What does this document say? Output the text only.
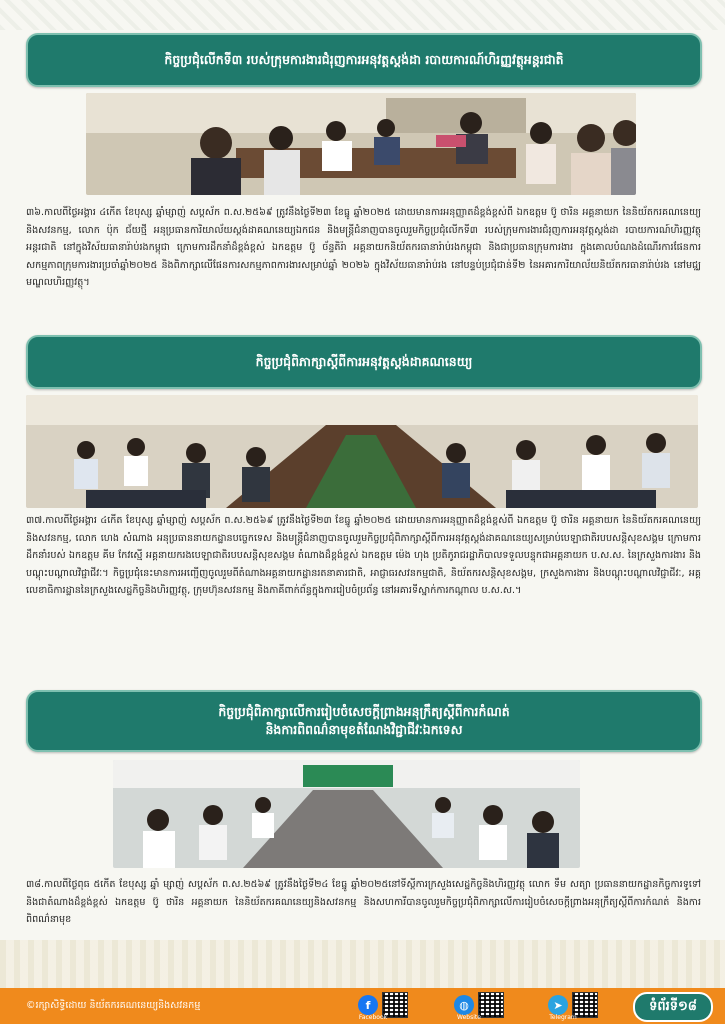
កិច្ចប្រជុំលើកទី៣ របស់ក្រុមការងារជំរុញការអនុវត្តស្តង់ដា របាយការណ៍ហិរញ្ញវត្ថុអន្តរជាតិ
៣៦.កាលពីថ្ងៃអង្គារ ៤កើត ខែបុស្ស ឆ្នាំម្សាញ់ សប្តស័ក ព.ស.២៥៦៩ ត្រូវនឹងថ្ងៃទី២៣ ខែធ្នូ ឆ្នាំ២០២៥ ដោយមានការអនុញ្ញាតដ៏ខ្ពង់ខ្ពស់ពី ឯកឧត្តម ប៊ូ ថារិន អគ្គនាយក នៃនិយ័តករគណនេយ្យនិងសវនកម្ម, លោក ប៉ុក ជ័យថ្មី អនុប្រធានការិយាល័យស្តង់ដាគណនេយ្យឯកជន និងមន្ត្រីជំនាញបានចូលរួមកិច្ចប្រជុំលើកទី៣ របស់ក្រុមការងារជំរុញការអនុវត្តស្តង់ដា របាយការណ៍ហិរញ្ញវត្ថុអន្តរជាតិ នៅក្នុងវិស័យធានារ៉ាប់រងកម្ពុជា ក្រោមការដឹកនាំដ៏ខ្ពង់ខ្ពស់ ឯកឧត្តម ប៊ូ ច័ន្ទតិរ៉ា អគ្គនាយកនិយ័តករធានារ៉ាប់រងកម្ពុជា និងជាប្រធានក្រុមការងារ ក្នុងគោលបំណងដំណើរការផែនការសកម្មភាពក្រុមការងារប្រចាំឆ្នាំ២០២៥ និងពិភាក្សាលើផែនការសកម្មភាពការងារសម្រាប់ឆ្នាំ ២០២៦ ក្នុងវិស័យធានារ៉ាប់រង នៅបន្ទប់ប្រជុំជាន់ទី២ នៃអគារការិយាល័យនិយ័តករធានារ៉ាប់រង នៅមជ្ឈមណ្ឌលហិរញ្ញវត្ថុ។
កិច្ចប្រជុំពិភាក្សាស្តីពីការអនុវត្តស្តង់ដាគណនេយ្យ
៣៧.កាលពីថ្ងៃអង្គារ ៤កើត ខែបុស្ស ឆ្នាំម្សាញ់ សប្តស័ក ព.ស.២៥៦៩ ត្រូវនឹងថ្ងៃទី២៣ ខែធ្នូ ឆ្នាំ២០២៥ ដោយមានការអនុញ្ញាតដ៏ខ្ពង់ខ្ពស់ពី ឯកឧត្តម ប៊ូ ថារិន អគ្គនាយក នៃនិយ័តករគណនេយ្យនិងសវនកម្ម, លោក ហេង សំណាង អនុប្រធាននាយកដ្ឋានបច្ចេកទេស និងមន្ត្រីជំនាញបានចូលរួមកិច្ចប្រជុំពិភាក្សាស្តីពីការអនុវត្តស្តង់ដាគណនេយ្យសម្រាប់បេឡាជាតិរបបសន្តិសុខសង្គម ក្រោមការដឹកនាំរបស់ ឯកឧត្តម គីម កែវស្មើ អគ្គនាយករងបេឡាជាតិរបបសន្តិសុខសង្គម តំណាងដ៏ខ្ពង់ខ្ពស់ ឯកឧត្តម ម៉េង ហុង ប្រតិភូរាជរដ្ឋាភិបាលទទួលបន្ទុកជាអគ្គនាយក ប.ស.ស. នៃក្រសួងការងារ និងបណ្តុះបណ្តាលវិជ្ជាជីវៈ។ កិច្ចប្រជុំនេះមានការអញ្ជើញចូលរួមពីតំណាងអគ្គនាយកដ្ឋានរតនាគារជាតិ, អាជ្ញាធរសវនកម្មជាតិ, និយ័តករសន្តិសុខសង្គម, ក្រសួងការងារ និងបណ្តុះបណ្តាលវិជ្ជាជីវៈ, អគ្គលេខាធិការដ្ឋាននៃក្រសួងសេដ្ឋកិច្ចនិងហិរញ្ញវត្ថុ, ក្រុមហ៊ុនសវនកម្ម និងភាគីពាក់ព័ន្ធក្នុងការរៀបចំប្រព័ន្ធ នៅអគារទីស្នាក់ការកណ្តាល ប.ស.ស.។
កិច្ចប្រជុំពិភាក្សាលើការរៀបចំសេចក្តីព្រាងអនុក្រឹត្យស្តីពីការកំណត់
និងការពិពណ៌នាមុខតំណែងវិជ្ជាជីវៈឯកទេស
៣៨.កាលពីថ្ងៃពុធ ៥កើត ខែបុស្ស ឆ្នាំ ម្សាញ់ សប្តស័ក ព.ស.២៥៦៩ ត្រូវនឹងថ្ងៃទី២៤ ខែធ្នូ ឆ្នាំ២០២៥នៅទីស្តីការក្រសួងសេដ្ឋកិច្ចនិងហិរញ្ញវត្ថុ លោក ទឹម សត្យា ប្រធាននាយកដ្ឋានកិច្ចការទូទៅ និងជាតំណាងដ៏ខ្ពង់ខ្ពស់ ឯកឧត្តម ប៊ូ ថារិន អគ្គនាយក នៃនិយ័តករគណនេយ្យនិងសវនកម្ម និងសហការីបានចូលរួមកិច្ចប្រជុំពិភាក្សាលើការរៀបចំសេចក្តីព្រាងអនុក្រឹត្យស្តីពីការកំណត់ និងការពិពណ៌នាមុខ
©រក្សាសិទ្ធិដោយ និយ័តករគណនេយ្យនិងសវនកម្ម	f
Facebook
◍
Website
➤
Telegram
ទំព័រទី១៨
